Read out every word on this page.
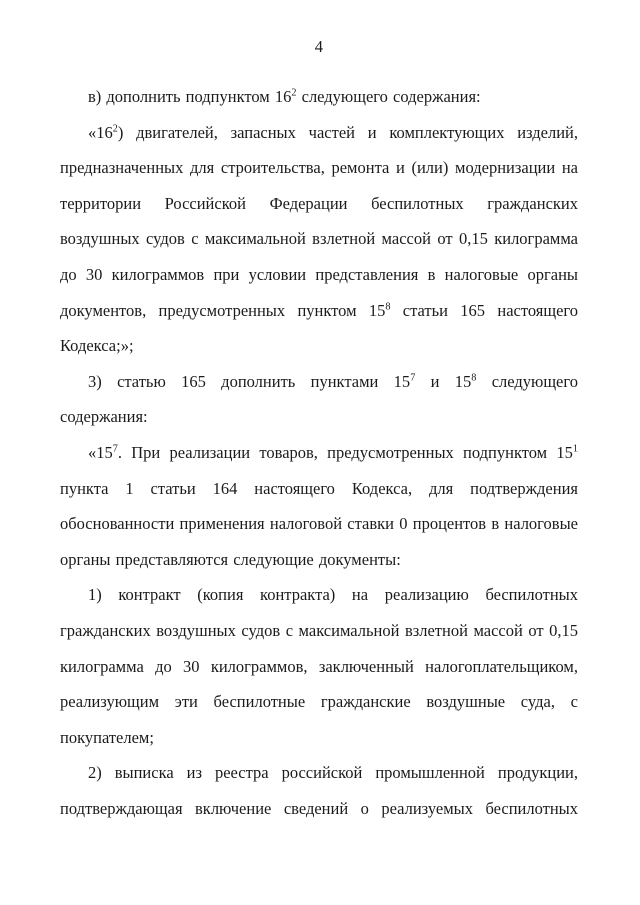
4

в) дополнить подпунктом $16^2$ следующего содержания:

«$16^2$) двигателей, запасных частей и комплектующих изделий, предназначенных для строительства, ремонта и (или) модернизации на территории Российской Федерации беспилотных гражданских воздушных судов с максимальной взлетной массой от 0,15 килограмма до 30 килограммов при условии представления в налоговые органы документов, предусмотренных пунктом $15^8$ статьи 165 настоящего Кодекса;»;

3) статью 165 дополнить пунктами $15^7$ и $15^8$ следующего содержания:

«$15^7$. При реализации товаров, предусмотренных подпунктом $15^1$ пункта 1 статьи 164 настоящего Кодекса, для подтверждения обоснованности применения налоговой ставки 0 процентов в налоговые органы представляются следующие документы:

1) контракт (копия контракта) на реализацию беспилотных гражданских воздушных судов с максимальной взлетной массой от 0,15 килограмма до 30 килограммов, заключенный налогоплательщиком, реализующим эти беспилотные гражданские воздушные суда, с покупателем;

2) выписка из реестра российской промышленной продукции, подтверждающая включение сведений о реализуемых беспилотных
